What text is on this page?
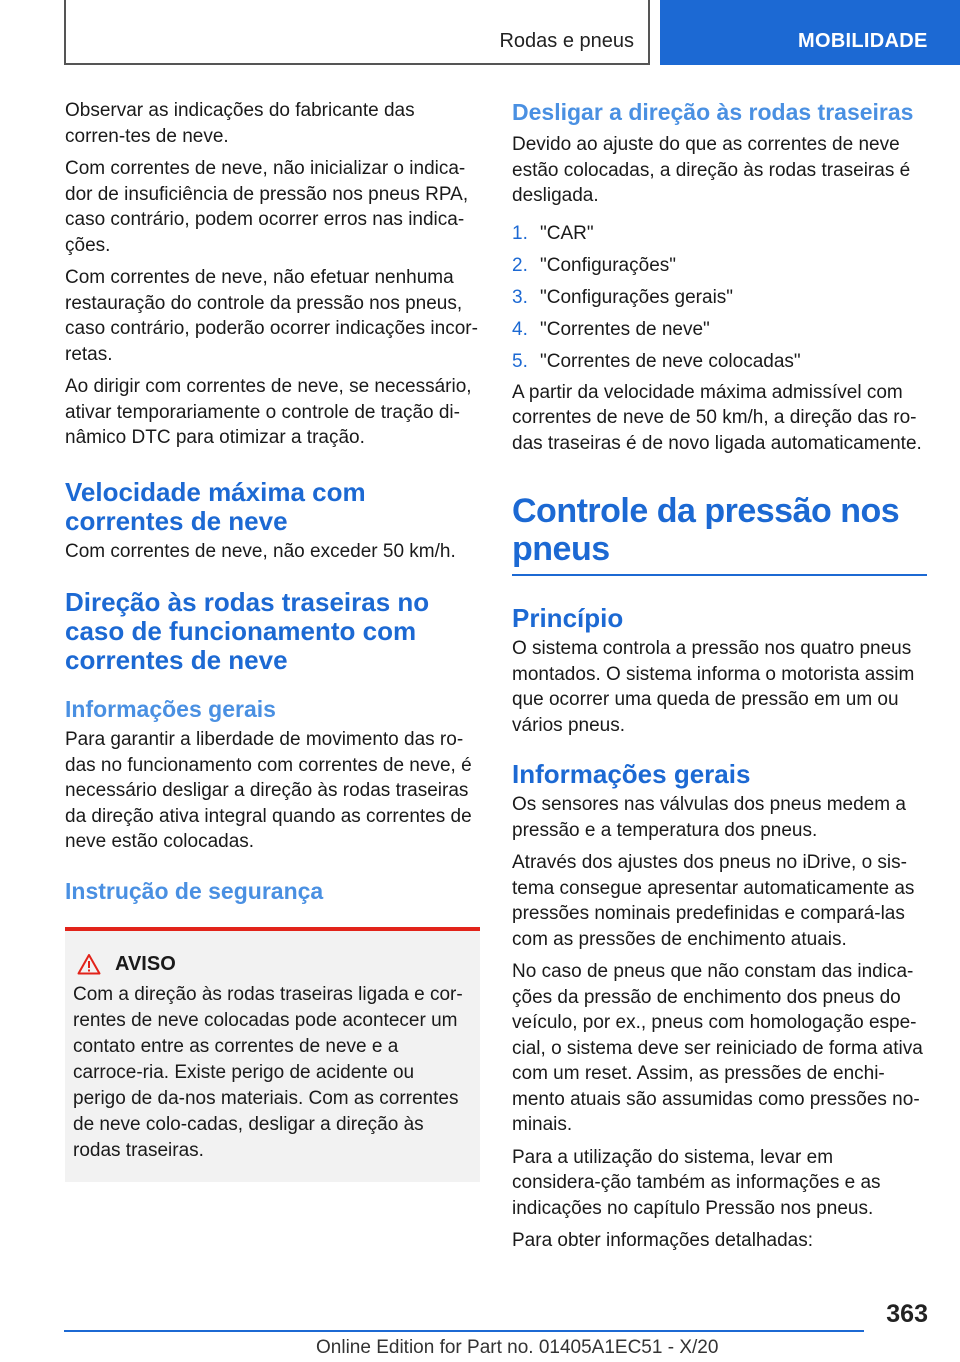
Rodas e pneus	MOBILIDADE

Observar as indicações do fabricante das corren-tes de neve.

Com correntes de neve, não inicializar o indica-dor de insuficiência de pressão nos pneus RPA, caso contrário, podem ocorrer erros nas indica-ções.

Com correntes de neve, não efetuar nenhuma restauração do controle da pressão nos pneus, caso contrário, poderão ocorrer indicações incor-retas.

Ao dirigir com correntes de neve, se necessário, ativar temporariamente o controle de tração di-nâmico DTC para otimizar a tração.

Velocidade máxima com correntes de neve

Com correntes de neve, não exceder 50 km/h.

Direção às rodas traseiras no caso de funcionamento com correntes de neve
Informações gerais

Para garantir a liberdade de movimento das ro-das no funcionamento com correntes de neve, é necessário desligar a direção às rodas traseiras da direção ativa integral quando as correntes de neve estão colocadas.

Instrução de segurança
AVISO

Com a direção às rodas traseiras ligada e cor-rentes de neve colocadas pode acontecer um contato entre as correntes de neve e a carroce-ria. Existe perigo de acidente ou perigo de da-nos materiais. Com as correntes de neve colo-cadas, desligar a direção às rodas traseiras.

Desligar a direção às rodas traseiras

Devido ao ajuste do que as correntes de neve estão colocadas, a direção às rodas traseiras é desligada.

1. "CAR"
2. "Configurações"
3. "Configurações gerais"
4. "Correntes de neve"
5. "Correntes de neve colocadas"

A partir da velocidade máxima admissível com correntes de neve de 50 km/h, a direção das ro-das traseiras é de novo ligada automaticamente.

Controle da pressão nos pneus
Princípio

O sistema controla a pressão nos quatro pneus montados. O sistema informa o motorista assim que ocorrer uma queda de pressão em um ou vários pneus.

Informações gerais

Os sensores nas válvulas dos pneus medem a pressão e a temperatura dos pneus.

Através dos ajustes dos pneus no iDrive, o sis-tema consegue apresentar automaticamente as pressões nominais predefinidas e compará-las com as pressões de enchimento atuais.

No caso de pneus que não constam das indica-ções da pressão de enchimento dos pneus do veículo, por ex., pneus com homologação espe-cial, o sistema deve ser reiniciado de forma ativa com um reset. Assim, as pressões de enchi-mento atuais são assumidas como pressões no-minais.

Para a utilização do sistema, levar em considera-ção também as informações e as indicações no capítulo Pressão nos pneus.

Para obter informações detalhadas:

363
Online Edition for Part no. 01405A1EC51 - X/20
